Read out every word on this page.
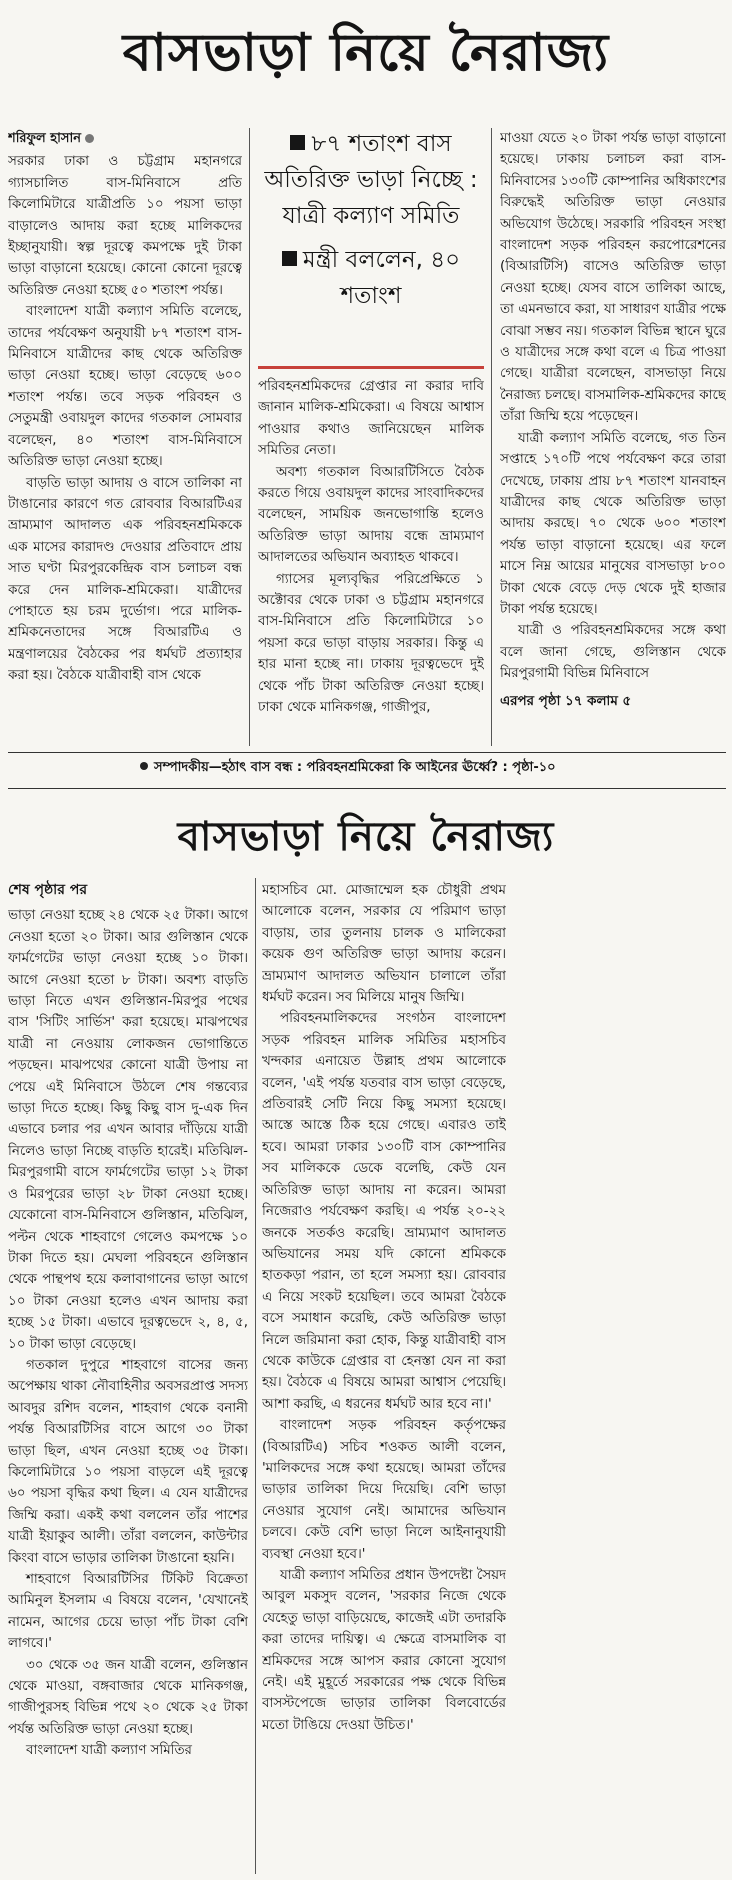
বাসভাড়া নিয়ে নৈরাজ্য
শরিফুল হাসান

সরকার ঢাকা ও চট্টগ্রাম মহানগরে গ্যাসচালিত বাস-মিনিবাসে প্রতি কিলোমিটারে যাত্রীপ্রতি ১০ পয়সা ভাড়া বাড়ালেও আদায় করা হচ্ছে মালিকদের ইচ্ছানুযায়ী। স্বল্প দূরত্বে কমপক্ষে দুই টাকা ভাড়া বাড়ানো হয়েছে। কোনো কোনো দূরত্বে অতিরিক্ত নেওয়া হচ্ছে ৫০ শতাংশ পর্যন্ত।

বাংলাদেশ যাত্রী কল্যাণ সমিতি বলেছে, তাদের পর্যবেক্ষণ অনুযায়ী ৮৭ শতাংশ বাস-মিনিবাসে যাত্রীদের কাছ থেকে অতিরিক্ত ভাড়া নেওয়া হচ্ছে। ভাড়া বেড়েছে ৬০০ শতাংশ পর্যন্ত। তবে সড়ক পরিবহন ও সেতুমন্ত্রী ওবায়দুল কাদের গতকাল সোমবার বলেছেন, ৪০ শতাংশ বাস-মিনিবাসে অতিরিক্ত ভাড়া নেওয়া হচ্ছে।

বাড়তি ভাড়া আদায় ও বাসে তালিকা না টাঙানোর কারণে গত রোববার বিআরটিএর ভ্রাম্যমাণ আদালত এক পরিবহনশ্রমিককে এক মাসের কারাদণ্ড দেওয়ার প্রতিবাদে প্রায় সাত ঘণ্টা মিরপুরকেন্দ্রিক বাস চলাচল বন্ধ করে দেন মালিক-শ্রমিকেরা। যাত্রীদের পোহাতে হয় চরম দুর্ভোগ। পরে মালিক-শ্রমিকনেতাদের সঙ্গে বিআরটিএ ও মন্ত্রণালয়ের বৈঠকের পর ধর্মঘট প্রত্যাহার করা হয়। বৈঠকে যাত্রীবাহী বাস থেকে

৮৭ শতাংশ বাস অতিরিক্ত ভাড়া নিচ্ছে : যাত্রী কল্যাণ সমিতি
মন্ত্রী বললেন, ৪০ শতাংশ

পরিবহনশ্রমিকদের গ্রেপ্তার না করার দাবি জানান মালিক-শ্রমিকেরা। এ বিষয়ে আশ্বাস পাওয়ার কথাও জানিয়েছেন মালিক সমিতির নেতা।

অবশ্য গতকাল বিআরটিসিতে বৈঠক করতে গিয়ে ওবায়দুল কাদের সাংবাদিকদের বলেছেন, সাময়িক জনভোগান্তি হলেও অতিরিক্ত ভাড়া আদায় বন্ধে ভ্রাম্যমাণ আদালতের অভিযান অব্যাহত থাকবে।

গ্যাসের মূল্যবৃদ্ধির পরিপ্রেক্ষিতে ১ অক্টোবর থেকে ঢাকা ও চট্টগ্রাম মহানগরে বাস-মিনিবাসে প্রতি কিলোমিটারে ১০ পয়সা করে ভাড়া বাড়ায় সরকার। কিন্তু এ হার মানা হচ্ছে না। ঢাকায় দূরত্বভেদে দুই থেকে পাঁচ টাকা অতিরিক্ত নেওয়া হচ্ছে। ঢাকা থেকে মানিকগঞ্জ, গাজীপুর,

মাওয়া যেতে ২০ টাকা পর্যন্ত ভাড়া বাড়ানো হয়েছে। ঢাকায় চলাচল করা বাস-মিনিবাসের ১৩০টি কোম্পানির অধিকাংশের বিরুদ্ধেই অতিরিক্ত ভাড়া নেওয়ার অভিযোগ উঠেছে। সরকারি পরিবহন সংস্থা বাংলাদেশ সড়ক পরিবহন করপোরেশনের (বিআরটিসি) বাসেও অতিরিক্ত ভাড়া নেওয়া হচ্ছে। যেসব বাসে তালিকা আছে, তা এমনভাবে করা, যা সাধারণ যাত্রীর পক্ষে বোঝা সম্ভব নয়। গতকাল বিভিন্ন স্থানে ঘুরে ও যাত্রীদের সঙ্গে কথা বলে এ চিত্র পাওয়া গেছে। যাত্রীরা বলেছেন, বাসভাড়া নিয়ে নৈরাজ্য চলছে। বাসমালিক-শ্রমিকদের কাছে তাঁরা জিম্মি হয়ে পড়েছেন।

যাত্রী কল্যাণ সমিতি বলেছে, গত তিন সপ্তাহে ১৭০টি পথে পর্যবেক্ষণ করে তারা দেখেছে, ঢাকায় প্রায় ৮৭ শতাংশ যানবাহন যাত্রীদের কাছ থেকে অতিরিক্ত ভাড়া আদায় করছে। ৭০ থেকে ৬০০ শতাংশ পর্যন্ত ভাড়া বাড়ানো হয়েছে। এর ফলে মাসে নিম্ন আয়ের মানুষের বাসভাড়া ৮০০ টাকা থেকে বেড়ে দেড় থেকে দুই হাজার টাকা পর্যন্ত হয়েছে।

যাত্রী ও পরিবহনশ্রমিকদের সঙ্গে কথা বলে জানা গেছে, গুলিস্তান থেকে মিরপুরগামী বিভিন্ন মিনিবাসে

এরপর পৃষ্ঠা ১৭ কলাম ৫
সম্পাদকীয়—হঠাৎ বাস বন্ধ : পরিবহনশ্রমিকেরা কি আইনের ঊর্ধ্বে? : পৃষ্ঠা-১০
বাসভাড়া নিয়ে নৈরাজ্য
শেষ পৃষ্ঠার পর

ভাড়া নেওয়া হচ্ছে ২৪ থেকে ২৫ টাকা। আগে নেওয়া হতো ২০ টাকা। আর গুলিস্তান থেকে ফার্মগেটের ভাড়া নেওয়া হচ্ছে ১০ টাকা। আগে নেওয়া হতো ৮ টাকা। অবশ্য বাড়তি ভাড়া নিতে এখন গুলিস্তান-মিরপুর পথের বাস 'সিটিং সার্ভিস' করা হয়েছে। মাঝপথের যাত্রী না নেওয়ায় লোকজন ভোগান্তিতে পড়ছেন। মাঝপথের কোনো যাত্রী উপায় না পেয়ে এই মিনিবাসে উঠলে শেষ গন্তব্যের ভাড়া দিতে হচ্ছে। কিছু কিছু বাস দু-এক দিন এভাবে চলার পর এখন আবার দাঁড়িয়ে যাত্রী নিলেও ভাড়া নিচ্ছে বাড়তি হারেই। মতিঝিল-মিরপুরগামী বাসে ফার্মগেটের ভাড়া ১২ টাকা ও মিরপুরের ভাড়া ২৮ টাকা নেওয়া হচ্ছে। যেকোনো বাস-মিনিবাসে গুলিস্তান, মতিঝিল, পল্টন থেকে শাহবাগে গেলেও কমপক্ষে ১০ টাকা দিতে হয়। মেঘলা পরিবহনে গুলিস্তান থেকে পান্থপথ হয়ে কলাবাগানের ভাড়া আগে ১০ টাকা নেওয়া হলেও এখন আদায় করা হচ্ছে ১৫ টাকা। এভাবে দূরত্বভেদে ২, ৪, ৫, ১০ টাকা ভাড়া বেড়েছে।

গতকাল দুপুরে শাহবাগে বাসের জন্য অপেক্ষায় থাকা নৌবাহিনীর অবসরপ্রাপ্ত সদস্য আবদুর রশিদ বলেন, শাহবাগ থেকে বনানী পর্যন্ত বিআরটিসির বাসে আগে ৩০ টাকা ভাড়া ছিল, এখন নেওয়া হচ্ছে ৩৫ টাকা। কিলোমিটারে ১০ পয়সা বাড়লে এই দূরত্বে ৬০ পয়সা বৃদ্ধির কথা ছিল। এ যেন যাত্রীদের জিম্মি করা। একই কথা বললেন তাঁর পাশের যাত্রী ইয়াকুব আলী। তাঁরা বললেন, কাউন্টার কিংবা বাসে ভাড়ার তালিকা টাঙানো হয়নি।

শাহবাগে বিআরটিসির টিকিট বিক্রেতা আমিনুল ইসলাম এ বিষয়ে বলেন, 'যেখানেই নামেন, আগের চেয়ে ভাড়া পাঁচ টাকা বেশি লাগবে।'

৩০ থেকে ৩৫ জন যাত্রী বলেন, গুলিস্তান থেকে মাওয়া, বঙ্গবাজার থেকে মানিকগঞ্জ, গাজীপুরসহ বিভিন্ন পথে ২০ থেকে ২৫ টাকা পর্যন্ত অতিরিক্ত ভাড়া নেওয়া হচ্ছে।

বাংলাদেশ যাত্রী কল্যাণ সমিতির

মহাসচিব মো. মোজাম্মেল হক চৌধুরী প্রথম আলোকে বলেন, সরকার যে পরিমাণ ভাড়া বাড়ায়, তার তুলনায় চালক ও মালিকেরা কয়েক গুণ অতিরিক্ত ভাড়া আদায় করেন। ভ্রাম্যমাণ আদালত অভিযান চালালে তাঁরা ধর্মঘট করেন। সব মিলিয়ে মানুষ জিম্মি।

পরিবহনমালিকদের সংগঠন বাংলাদেশ সড়ক পরিবহন মালিক সমিতির মহাসচিব খন্দকার এনায়েত উল্লাহ প্রথম আলোকে বলেন, 'এই পর্যন্ত যতবার বাস ভাড়া বেড়েছে, প্রতিবারই সেটি নিয়ে কিছু সমস্যা হয়েছে। আস্তে আস্তে ঠিক হয়ে গেছে। এবারও তাই হবে। আমরা ঢাকার ১৩০টি বাস কোম্পানির সব মালিককে ডেকে বলেছি, কেউ যেন অতিরিক্ত ভাড়া আদায় না করেন। আমরা নিজেরাও পর্যবেক্ষণ করছি। এ পর্যন্ত ২০-২২ জনকে সতর্কও করেছি। ভ্রাম্যমাণ আদালত অভিযানের সময় যদি কোনো শ্রমিককে হাতকড়া পরান, তা হলে সমস্যা হয়। রোববার এ নিয়ে সংকট হয়েছিল। তবে আমরা বৈঠকে বসে সমাধান করেছি, কেউ অতিরিক্ত ভাড়া নিলে জরিমানা করা হোক, কিন্তু যাত্রীবাহী বাস থেকে কাউকে গ্রেপ্তার বা হেনস্তা যেন না করা হয়। বৈঠকে এ বিষয়ে আমরা আশ্বাস পেয়েছি। আশা করছি, এ ধরনের ধর্মঘট আর হবে না।'

বাংলাদেশ সড়ক পরিবহন কর্তৃপক্ষের (বিআরটিএ) সচিব শওকত আলী বলেন, 'মালিকদের সঙ্গে কথা হয়েছে। আমরা তাঁদের ভাড়ার তালিকা দিয়ে দিয়েছি। বেশি ভাড়া নেওয়ার সুযোগ নেই। আমাদের অভিযান চলবে। কেউ বেশি ভাড়া নিলে আইনানুযায়ী ব্যবস্থা নেওয়া হবে।'

যাত্রী কল্যাণ সমিতির প্রধান উপদেষ্টা সৈয়দ আবুল মকসুদ বলেন, 'সরকার নিজে থেকে যেহেতু ভাড়া বাড়িয়েছে, কাজেই এটা তদারকি করা তাদের দায়িত্ব। এ ক্ষেত্রে বাসমালিক বা শ্রমিকদের সঙ্গে আপস করার কোনো সুযোগ নেই। এই মুহূর্তে সরকারের পক্ষ থেকে বিভিন্ন বাসস্টপেজে ভাড়ার তালিকা বিলবোর্ডের মতো টাঙিয়ে দেওয়া উচিত।'
